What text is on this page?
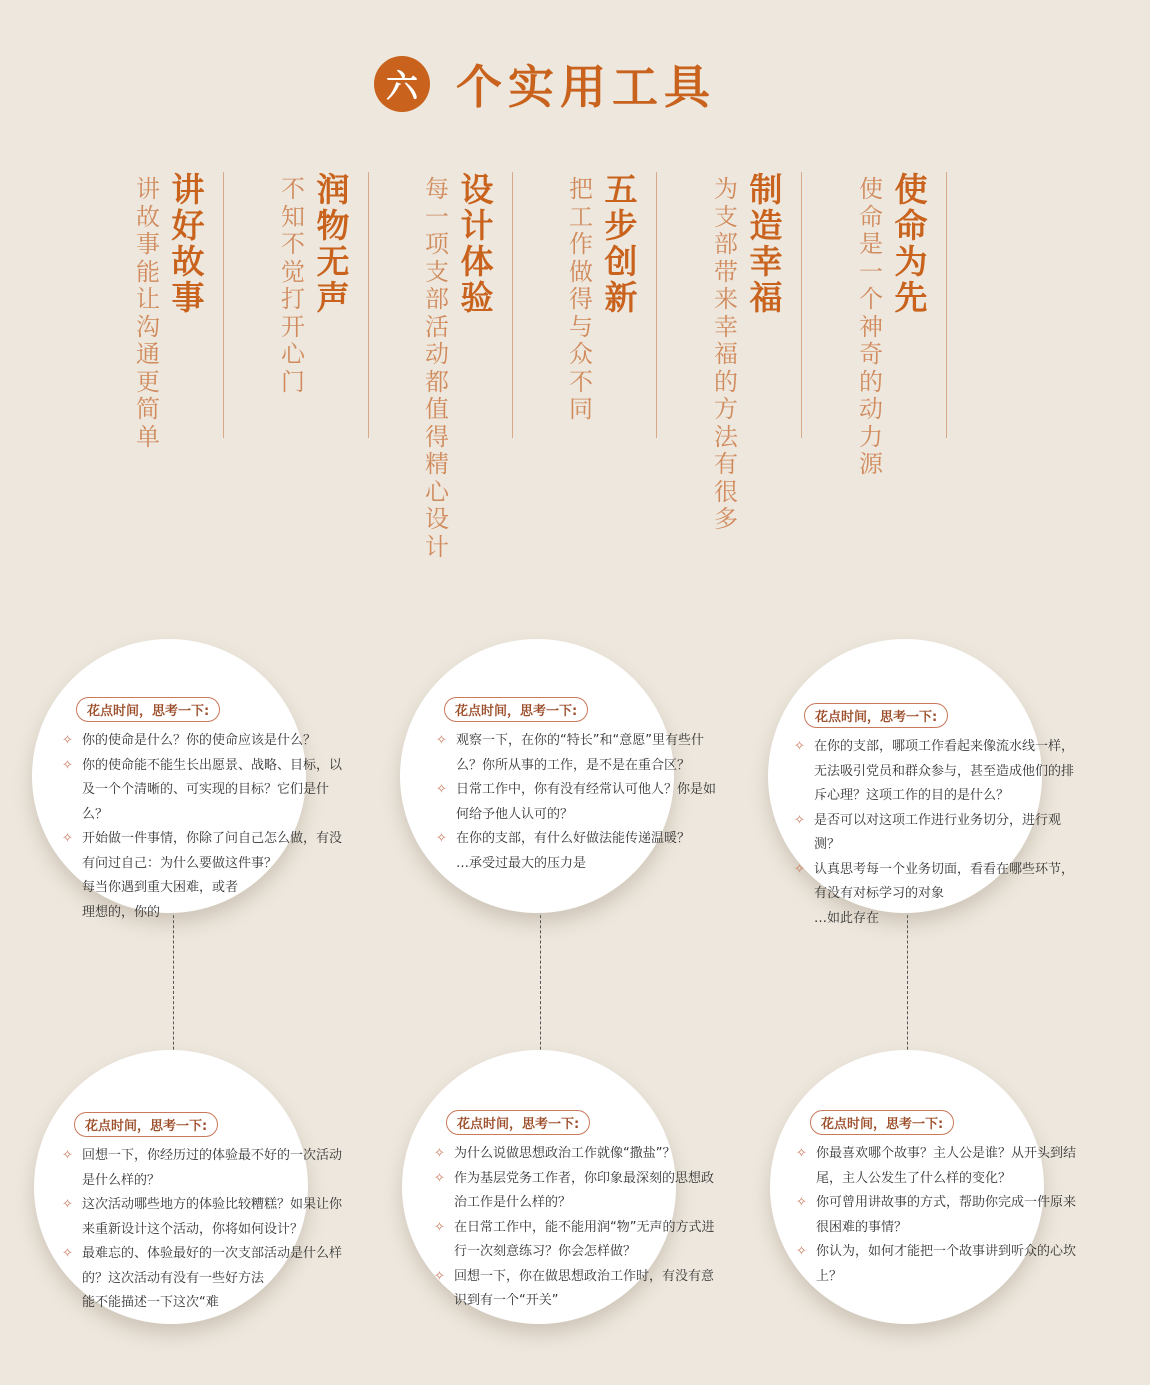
六 个实用工具
使命为先
使命是一个神奇的动力源
制造幸福
为支部带来幸福的方法有很多
五步创新
把工作做得与众不同
设计体验
每一项支部活动都值得精心设计
润物无声
不知不觉打开心门
讲好故事
讲故事能让沟通更简单
花点时间，思考一下:
✧ 你的使命是什么？你的使命应该是什么？
✧ 你的使命能不能生长出愿景、战略、目标，以及一个个清晰的、可实现的目标？它们是什么？
✧ 开始做一件事情，你除了问自己怎么做，有没有问过自己：为什么要做这件事？
每当你遇到重大困难，或者
理想的，你的
花点时间，思考一下:
✧ 观察一下，在你的“特长”和“意愿”里有些什么？你所从事的工作，是不是在重合区？
✧ 日常工作中，你有没有经常认可他人？你是如何给予他人认可的？
✧ 在你的支部，有什么好做法能传递温暖？
…承受过最大的压力是
花点时间，思考一下:
✧ 在你的支部，哪项工作看起来像流水线一样，无法吸引党员和群众参与，甚至造成他们的排斥心理？这项工作的目的是什么？
✧ 是否可以对这项工作进行业务切分，进行观测？
✧ 认真思考每一个业务切面，看看在哪些环节，有没有对标学习的对象
…如此存在
花点时间，思考一下:
✧ 回想一下，你经历过的体验最不好的一次活动是什么样的？
✧ 这次活动哪些地方的体验比较糟糕？如果让你来重新设计这个活动，你将如何设计？
✧ 最难忘的、体验最好的一次支部活动是什么样的？这次活动有没有一些好方法
能不能描述一下这次“难
花点时间，思考一下:
✧ 为什么说做思想政治工作就像“撒盐”？
✧ 作为基层党务工作者，你印象最深刻的思想政治工作是什么样的？
✧ 在日常工作中，能不能用润“物”无声的方式进行一次刻意练习？你会怎样做？
✧ 回想一下，你在做思想政治工作时，有没有意识到有一个“开关”
花点时间，思考一下:
✧ 你最喜欢哪个故事？主人公是谁？从开头到结尾，主人公发生了什么样的变化？
✧ 你可曾用讲故事的方式，帮助你完成一件原来很困难的事情？
✧ 你认为，如何才能把一个故事讲到听众的心坎上？
